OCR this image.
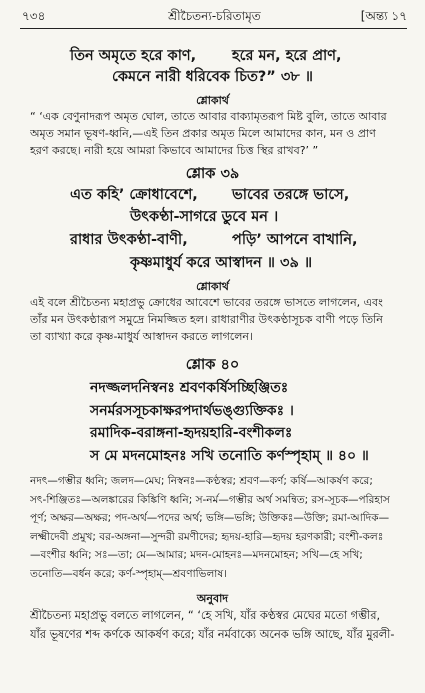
৭৩৪	শ্রীচৈতন্য-চরিতামৃত	[অন্ত্য ১৭
তিন অমৃতে হরে কাণ, হরে মন, হরে প্রাণ,
কেমনে নারী ধরিবেক চিত?” ৩৮ ॥
শ্লোকার্থ
“ ‘এক বেণুনাদরূপ অমৃত ঘোল, তাতে আবার বাক্যামৃতরূপ মিষ্ট বুলি, তাতে আবার
অমৃত সমান ভূষণ-ধ্বনি,—এই তিন প্রকার অমৃত মিলে আমাদের কান, মন ও প্রাণ
হরণ করছে। নারী হয়ে আমরা কিভাবে আমাদের চিত্ত স্থির রাখব?’ ”
শ্লোক ৩৯
এত কহি’ ক্রোধাবেশে, ভাবের তরঙ্গে ভাসে,
উৎকণ্ঠা-সাগরে ডুবে মন ।
রাধার উৎকণ্ঠা-বাণী,	পড়ি’ আপনে বাখানি,
কৃষ্ণমাধুর্য করে আস্বাদন ॥ ৩৯ ॥
শ্লোকার্থ
এই বলে শ্রীচৈতন্য মহাপ্রভু ক্রোধের আবেশে ভাবের তরঙ্গে ভাসতে লাগলেন, এবং
তাঁর মন উৎকণ্ঠারূপ সমুদ্রে নিমজ্জিত হল। রাধারাণীর উৎকণ্ঠাসূচক বাণী পড়ে তিনি
তা ব্যাখ্যা করে কৃষ্ণ-মাধুর্য আস্বাদন করতে লাগলেন।
শ্লোক ৪০
নদজ্জলদনিস্বনঃ শ্রবণকর্ষিসচ্ছিঞ্জিতঃ
সনর্মরসসূচকাক্ষরপদার্থভঙ্গ্যুক্তিকঃ ।
রমাদিক-বরাঙ্গনা-হৃদয়হারি-বংশীকলঃ
স মে মদনমোহনঃ সখি তনোতি কর্ণস্পৃহাম্ ॥ ৪০ ॥
নদৎ—গম্ভীর ধ্বনি; জলদ—মেঘ; নিস্বনঃ—কণ্ঠস্বর; শ্রবণ—কর্ণ; কর্ষি—আকর্ষণ করে;
সৎ-শিঞ্জিতঃ—অলঙ্কারের কিঙ্কিণি ধ্বনি; স-নর্ম—গম্ভীর অর্থ সমন্বিত; রস-সূচক—পরিহাস
পূর্ণ; অক্ষর—অক্ষর; পদ-অর্থ—পদের অর্থ; ভঙ্গি—ভঙ্গি; উক্তিকঃ—উক্তি; রমা-আদিক—
লক্ষ্মীদেবী প্রমুখ; বর-অঙ্গনা—সুন্দরী রমণীদের; হৃদয়-হারি—হৃদয় হরণকারী; বংশী-কলঃ
—বংশীর ধ্বনি; সঃ—তা; মে—আমার; মদন-মোহনঃ—মদনমোহন; সখি—হে সখি;
তনোতি—বর্ধন করে; কর্ণ-স্পৃহাম্—শ্রবণাভিলাষ।
অনুবাদ
শ্রীচৈতন্য মহাপ্রভু বলতে লাগলেন, “ ‘হে সখি, যাঁর কণ্ঠস্বর মেঘের মতো গম্ভীর,
যাঁর ভূষণের শব্দ কর্ণকে আকর্ষণ করে; যাঁর নর্মবাক্যে অনেক ভঙ্গি আছে, যাঁর মুরলী-
